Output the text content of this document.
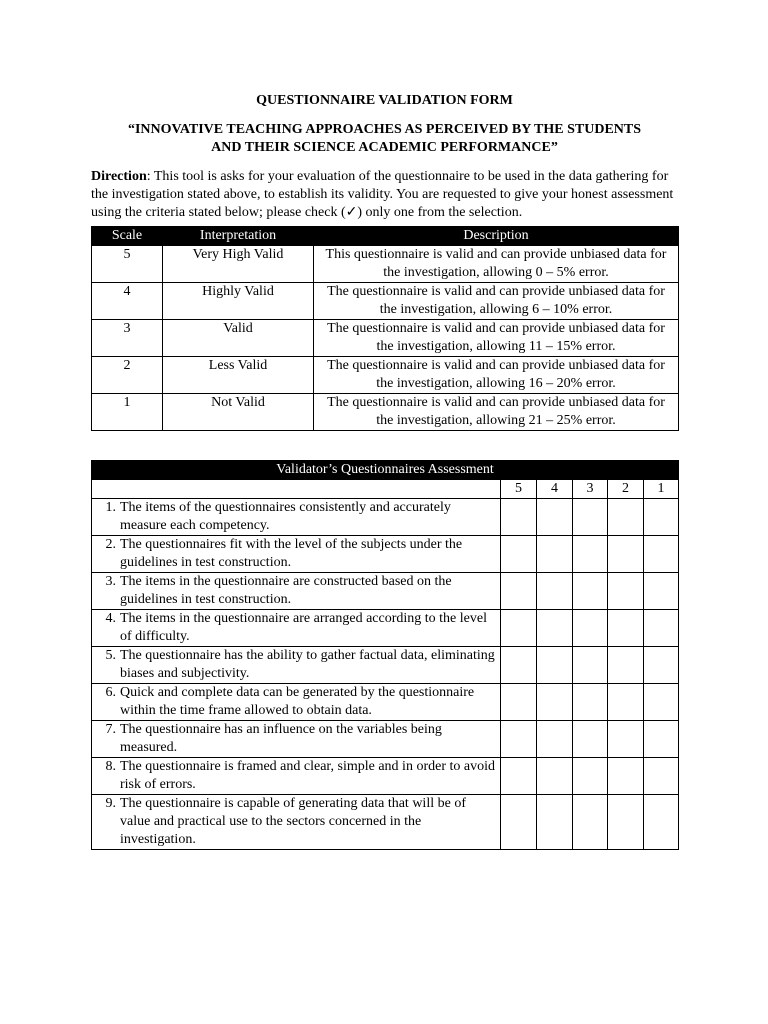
QUESTIONNAIRE VALIDATION FORM

“INNOVATIVE TEACHING APPROACHES AS PERCEIVED BY THE STUDENTS
AND THEIR SCIENCE ACADEMIC PERFORMANCE”

Direction: This tool is asks for your evaluation of the questionnaire to be used in the data gathering for the investigation stated above, to establish its validity. You are requested to give your honest assessment using the criteria stated below; please check (✓) only one from the selection.

Scale	Interpretation	Description
5	Very High Valid	This questionnaire is valid and can provide unbiased data for the investigation, allowing 0 – 5% error.
4	Highly Valid	The questionnaire is valid and can provide unbiased data for the investigation, allowing 6 – 10% error.
3	Valid	The questionnaire is valid and can provide unbiased data for the investigation, allowing 11 – 15% error.
2	Less Valid	The questionnaire is valid and can provide unbiased data for the investigation, allowing 16 – 20% error.
1	Not Valid	The questionnaire is valid and can provide unbiased data for the investigation, allowing 21 – 25% error.
Validator’s Questionnaires Assessment					
	5	4	3	2	1
1. The items of the questionnaires consistently and accurately measure each competency.					
2. The questionnaires fit with the level of the subjects under the guidelines in test construction.					
3. The items in the questionnaire are constructed based on the guidelines in test construction.					
4. The items in the questionnaire are arranged according to the level of difficulty.					
5. The questionnaire has the ability to gather factual data, eliminating biases and subjectivity.					
6. Quick and complete data can be generated by the questionnaire within the time frame allowed to obtain data.					
7. The questionnaire has an influence on the variables being measured.					
8. The questionnaire is framed and clear, simple and in order to avoid risk of errors.					
9. The questionnaire is capable of generating data that will be of value and practical use to the sectors concerned in the investigation.					
